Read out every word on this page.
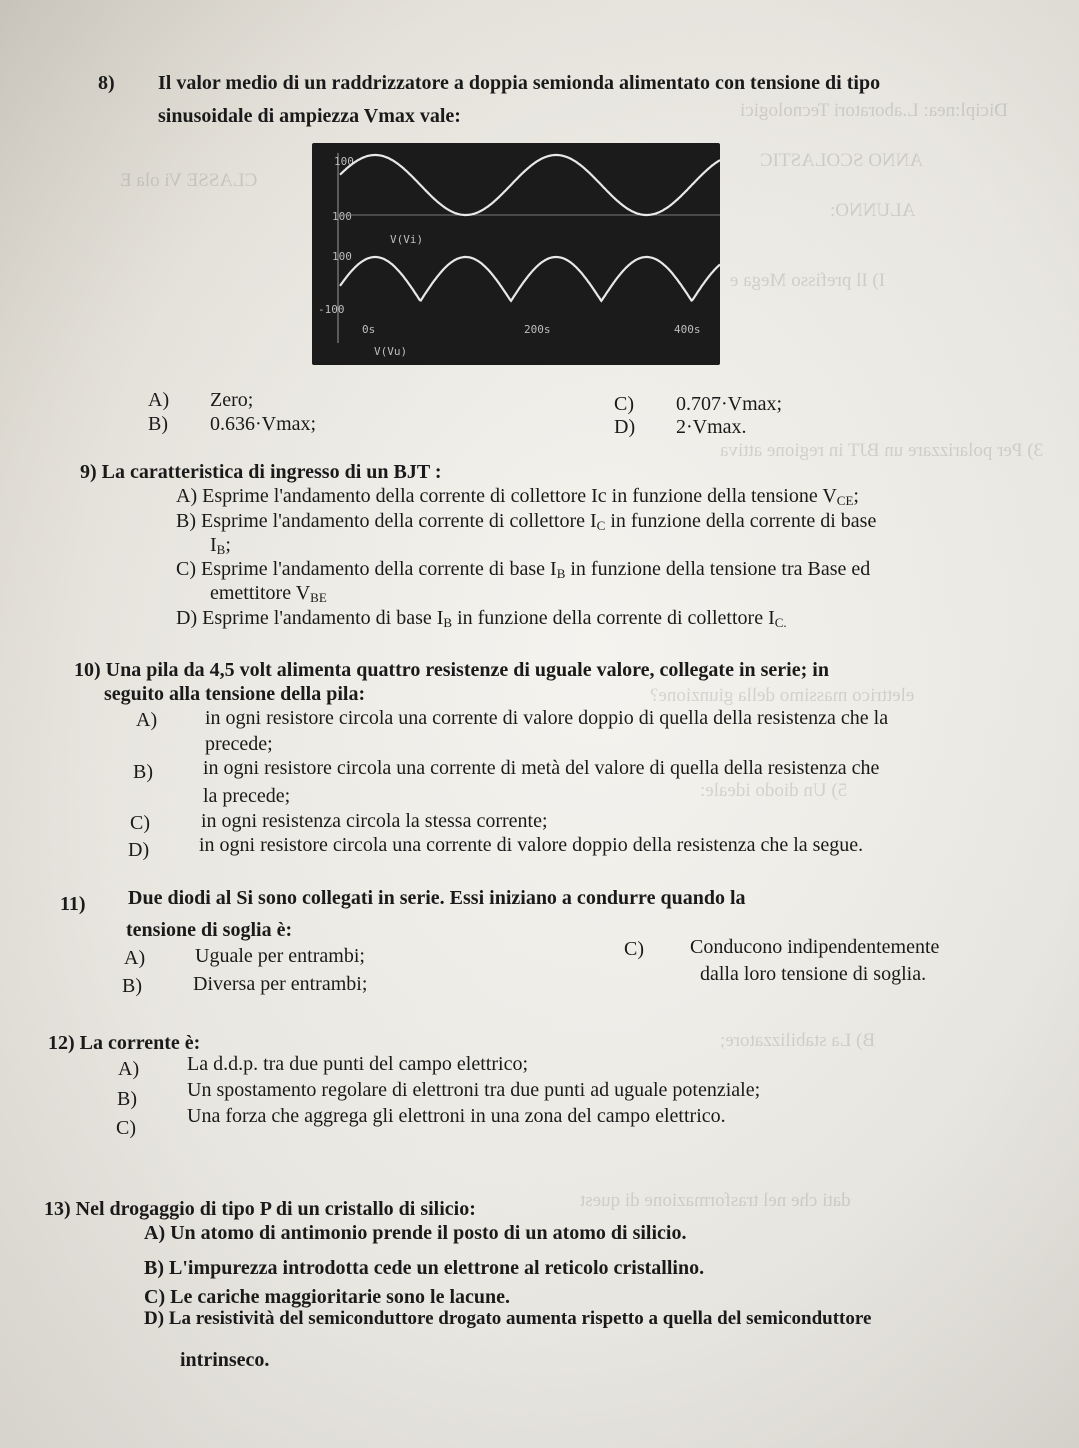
Dicipl:nea: L.aboratori Tecnologici
ANNO SCOLASTIC
CLASSE Vi ola E
ALUNNO:
I) Il prefisso Mega e
3) Per polarizzare un BJT in regione attiva
elettrico massimo della giunzione?
5) Un diodo ideale:
B) La stabilizzatore;
dati che nel trasformazione di quest
8) Il valor medio di un raddrizzatore a doppia semionda alimentato con tensione di tipo
sinusoidale di ampiezza Vmax vale:
100
100
V(Vi)
100
-100
0s	200s	400s
V(Vu)
A) Zero;
B) 0.636·Vmax;
C) 0.707·Vmax;
D) 2·Vmax.
9) La caratteristica di ingresso di un BJT :
A) Esprime l'andamento della corrente di collettore Ic in funzione della tensione $V_{CE}$;
B) Esprime l'andamento della corrente di collettore $I_C$ in funzione della corrente di base
$I_B$;
C) Esprime l'andamento della corrente di base $I_B$ in funzione della tensione tra Base ed
emettitore $V_{BE}$
D) Esprime l'andamento di base $I_B$ in funzione della corrente di collettore $I_{C.}$
10) Una pila da 4,5 volt alimenta quattro resistenze di uguale valore, collegate in serie; in
seguito alla tensione della pila:
A) in ogni resistore circola una corrente di valore doppio di quella della resistenza che la
precede;
B)	in ogni resistore circola una corrente di metà del valore di quella della resistenza che
la precede;
C)	in ogni resistenza circola la stessa corrente;
D) in ogni resistore circola una corrente di valore doppio della resistenza che la segue.
11) Due diodi al Si sono collegati in serie. Essi iniziano a condurre quando la
tensione di soglia è:
A) Uguale per entrambi;
B)	Diversa per entrambi;
C) Conducono indipendentemente
dalla loro tensione di soglia.
12) La corrente è:
A) La d.d.p. tra due punti del campo elettrico;
B)	Un spostamento regolare di elettroni tra due punti ad uguale potenziale;
C)
Una forza che aggrega gli elettroni in una zona del campo elettrico.
13) Nel drogaggio di tipo P di un cristallo di silicio:
A) Un atomo di antimonio prende il posto di un atomo di silicio.
B) L'impurezza introdotta cede un elettrone al reticolo cristallino.
C) Le cariche maggioritarie sono le lacune.
D) La resistività del semiconduttore drogato aumenta rispetto a quella del semiconduttore
intrinseco.
